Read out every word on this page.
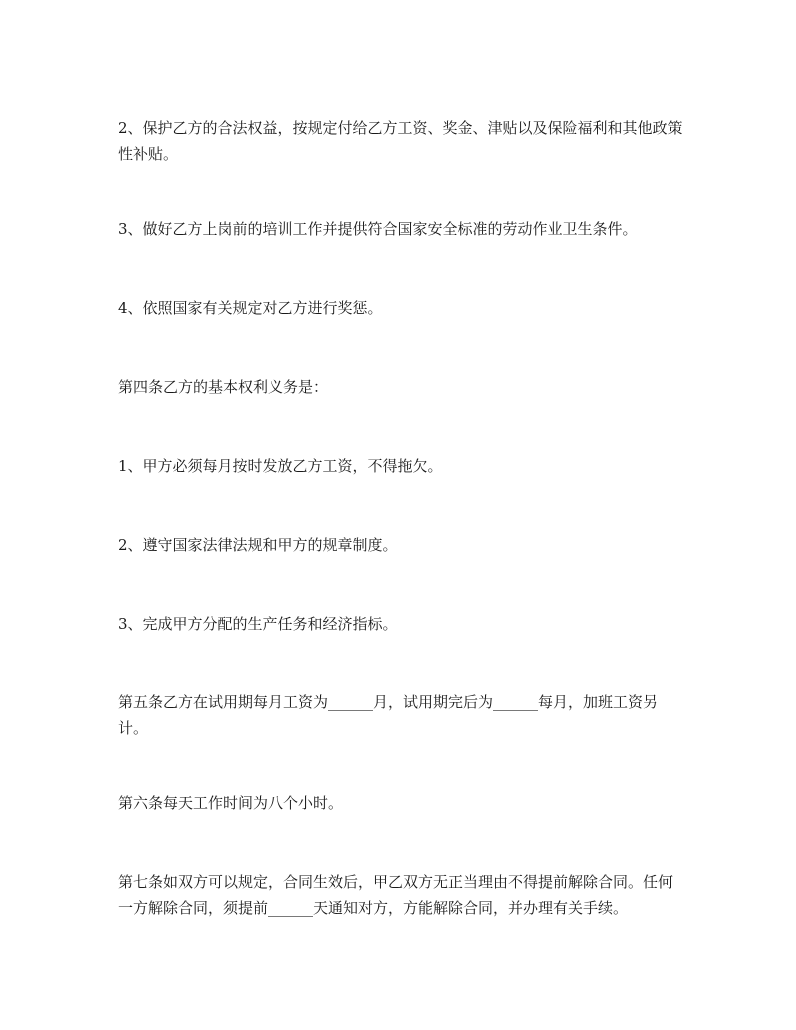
2、保护乙方的合法权益，按规定付给乙方工资、奖金、津贴以及保险福利和其他政策性补贴。

3、做好乙方上岗前的培训工作并提供符合国家安全标准的劳动作业卫生条件。

4、依照国家有关规定对乙方进行奖惩。

第四条乙方的基本权利义务是：

1、甲方必须每月按时发放乙方工资，不得拖欠。

2、遵守国家法律法规和甲方的规章制度。

3、完成甲方分配的生产任务和经济指标。

第五条乙方在试用期每月工资为______月，试用期完后为______每月，加班工资另计。

第六条每天工作时间为八个小时。

第七条如双方可以规定，合同生效后，甲乙双方无正当理由不得提前解除合同。任何一方解除合同，须提前______天通知对方，方能解除合同，并办理有关手续。
